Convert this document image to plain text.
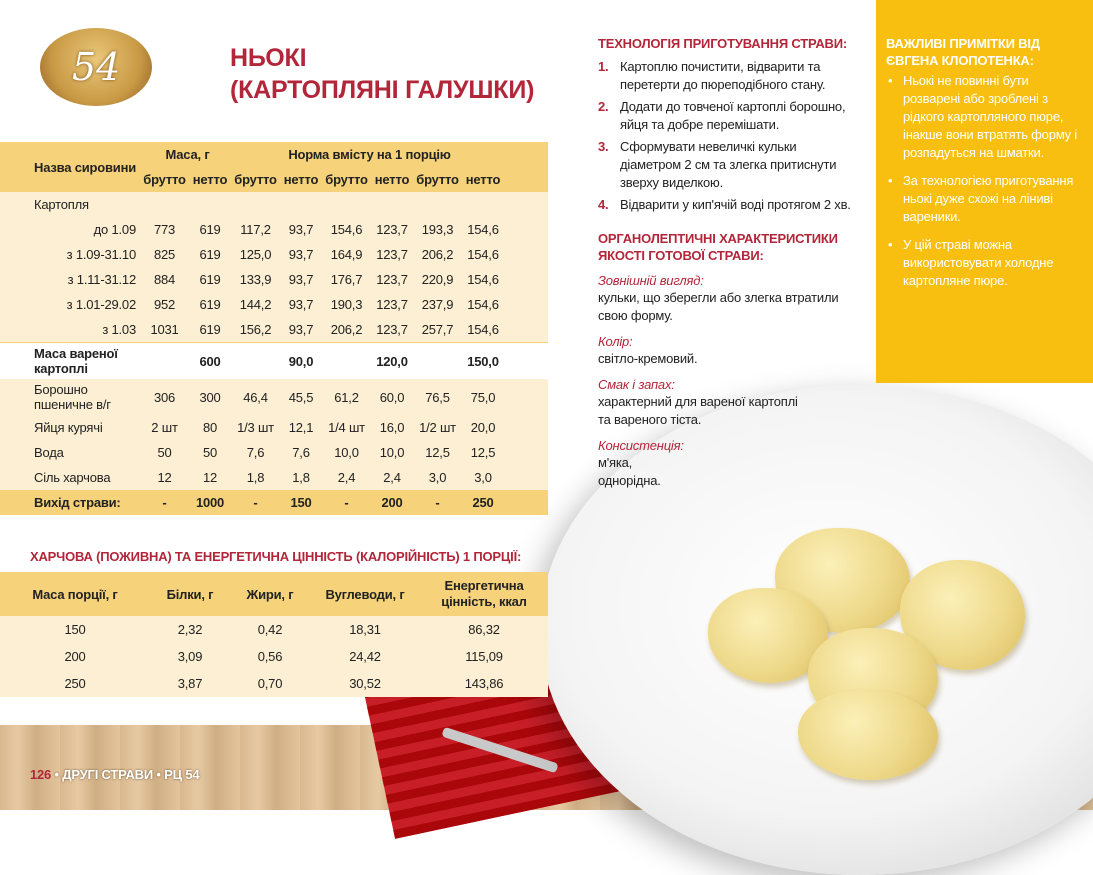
54	НЬОКІ
(КАРТОПЛЯНІ ГАЛУШКИ)
Назва сировини	Маса, г		Норма вмісту на 1 порцію						
	брутто	нетто	брутто	нетто	брутто	нетто	брутто	нетто	
Картопля									
до 1.09	773	619	117,2	93,7	154,6	123,7	193,3	154,6	
з 1.09-31.10	825	619	125,0	93,7	164,9	123,7	206,2	154,6	
з 1.11-31.12	884	619	133,9	93,7	176,7	123,7	220,9	154,6	
з 1.01-29.02	952	619	144,2	93,7	190,3	123,7	237,9	154,6	
з 1.03	1031	619	156,2	93,7	206,2	123,7	257,7	154,6	

Маса вареної
картоплі		600		90,0		120,0		150,0	

Борошно
пшеничне в/г	306	300	46,4	45,5	61,2	60,0	76,5	75,0	
Яйця курячі	2 шт	80	1/3 шт	12,1	1/4 шт	16,0	1/2 шт	20,0	
Вода	50	50	7,6	7,6	10,0	10,0	12,5	12,5	
Сіль харчова	12	12	1,8	1,8	2,4	2,4	3,0	3,0	
Вихід страви:	-	1000	-	150	-	200	-	250	
ХАРЧОВА (ПОЖИВНА) ТА ЕНЕРГЕТИЧНА ЦІННІСТЬ (КАЛОРІЙНІСТЬ) 1 ПОРЦІЇ:
Маса порції, г	Білки, г	Жири, г	Вуглеводи, г	Енергетична
цінність, ккал

150	2,32	0,42	18,31	86,32
200	3,09	0,56	24,42	115,09
250	3,87	0,70	30,52	143,86
ТЕХНОЛОГІЯ ПРИГОТУВАННЯ СТРАВИ:
1. Картоплю почистити, відварити та перетерти до пюреподібного стану.
2. Додати до товченої картоплі борошно, яйця та добре перемішати.
3. Сформувати невеличкі кульки діаметром 2 см та злегка притиснути зверху виделкою.
4. Відварити у кип'ячій воді протягом 2 хв.
ОРГАНОЛЕПТИЧНІ ХАРАКТЕРИСТИКИ
ЯКОСТІ ГОТОВОЇ СТРАВИ:
Зовнішній вигляд:
кульки, що зберегли або злегка втратили
свою форму.
Колір:
світло-кремовий.
Смак і запах:
характерний для вареної картоплі
та вареного тіста.
Консистенція:
м'яка,
однорідна.
ВАЖЛИВІ ПРИМІТКИ ВІД ЄВГЕНА КЛОПОТЕНКА:
• Ньокі не повинні бути розварені або зроблені з рідкого картопляного пюре, інакше вони втратять форму і розпадуться на шматки.
• За технологією приготування ньокі дуже схожі на ліниві вареники.
• У цій страві можна використовувати холодне картопляне пюре.
126 • ДРУГІ СТРАВИ • РЦ 54
